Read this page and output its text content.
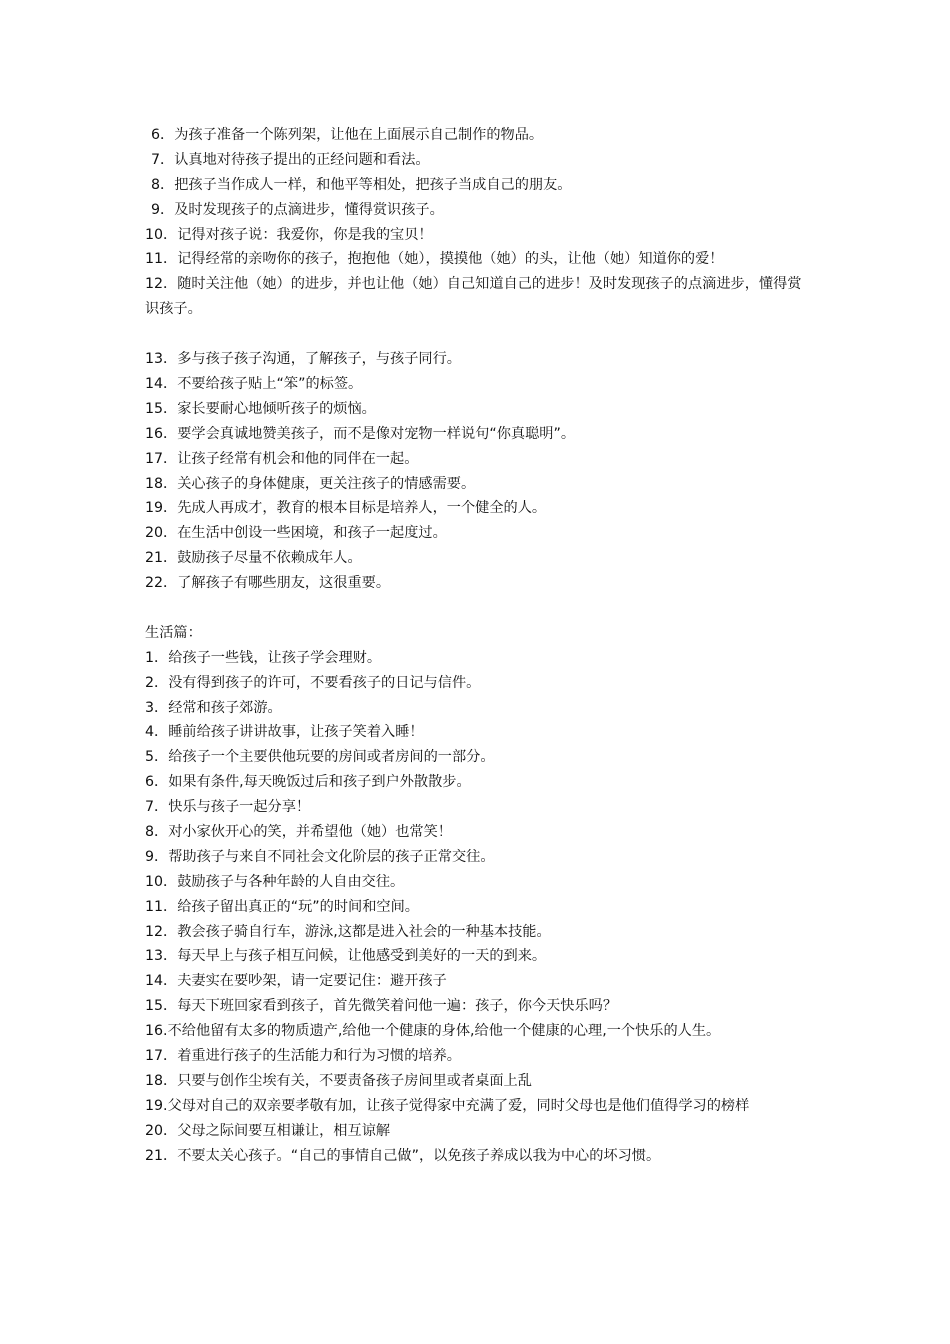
6．为孩子准备一个陈列架，让他在上面展示自己制作的物品。
7．认真地对待孩子提出的正经问题和看法。
8．把孩子当作成人一样，和他平等相处，把孩子当成自己的朋友。
9．及时发现孩子的点滴进步，懂得赏识孩子。
10．记得对孩子说：我爱你，你是我的宝贝！
11．记得经常的亲吻你的孩子，抱抱他（她），摸摸他（她）的头，让他（她）知道你的爱！
12．随时关注他（她）的进步，并也让他（她）自己知道自己的进步！及时发现孩子的点滴进步，懂得赏识孩子。
13．多与孩子孩子沟通，了解孩子，与孩子同行。
14．不要给孩子贴上“笨”的标签。
15．家长要耐心地倾听孩子的烦恼。
16．要学会真诚地赞美孩子，而不是像对宠物一样说句“你真聪明”。
17．让孩子经常有机会和他的同伴在一起。
18．关心孩子的身体健康，更关注孩子的情感需要。
19．先成人再成才，教育的根本目标是培养人，一个健全的人。
20．在生活中创设一些困境，和孩子一起度过。
21．鼓励孩子尽量不依赖成年人。
22．了解孩子有哪些朋友，这很重要。
生活篇：
1．给孩子一些钱，让孩子学会理财。
2．没有得到孩子的许可，不要看孩子的日记与信件。
3．经常和孩子郊游。
4．睡前给孩子讲讲故事，让孩子笑着入睡！
5．给孩子一个主要供他玩要的房间或者房间的一部分。
6．如果有条件,每天晚饭过后和孩子到户外散散步。
7．快乐与孩子一起分享！
8．对小家伙开心的笑，并希望他（她）也常笑！
9．帮助孩子与来自不同社会文化阶层的孩子正常交往。
10．鼓励孩子与各种年龄的人自由交往。
11．给孩子留出真正的“玩”的时间和空间。
12．教会孩子骑自行车，游泳,这都是进入社会的一种基本技能。
13．每天早上与孩子相互问候，让他感受到美好的一天的到来。
14．夫妻实在要吵架，请一定要记住：避开孩子
15．每天下班回家看到孩子，首先微笑着问他一遍：孩子，你今天快乐吗？
16.不给他留有太多的物质遗产,给他一个健康的身体,给他一个健康的心理,一个快乐的人生。
17．着重进行孩子的生活能力和行为习惯的培养。
18．只要与创作尘埃有关，不要责备孩子房间里或者桌面上乱
19.父母对自己的双亲要孝敬有加，让孩子觉得家中充满了爱，同时父母也是他们值得学习的榜样
20．父母之际间要互相谦让，相互谅解
21．不要太关心孩子。“自己的事情自己做”，以免孩子养成以我为中心的坏习惯。
